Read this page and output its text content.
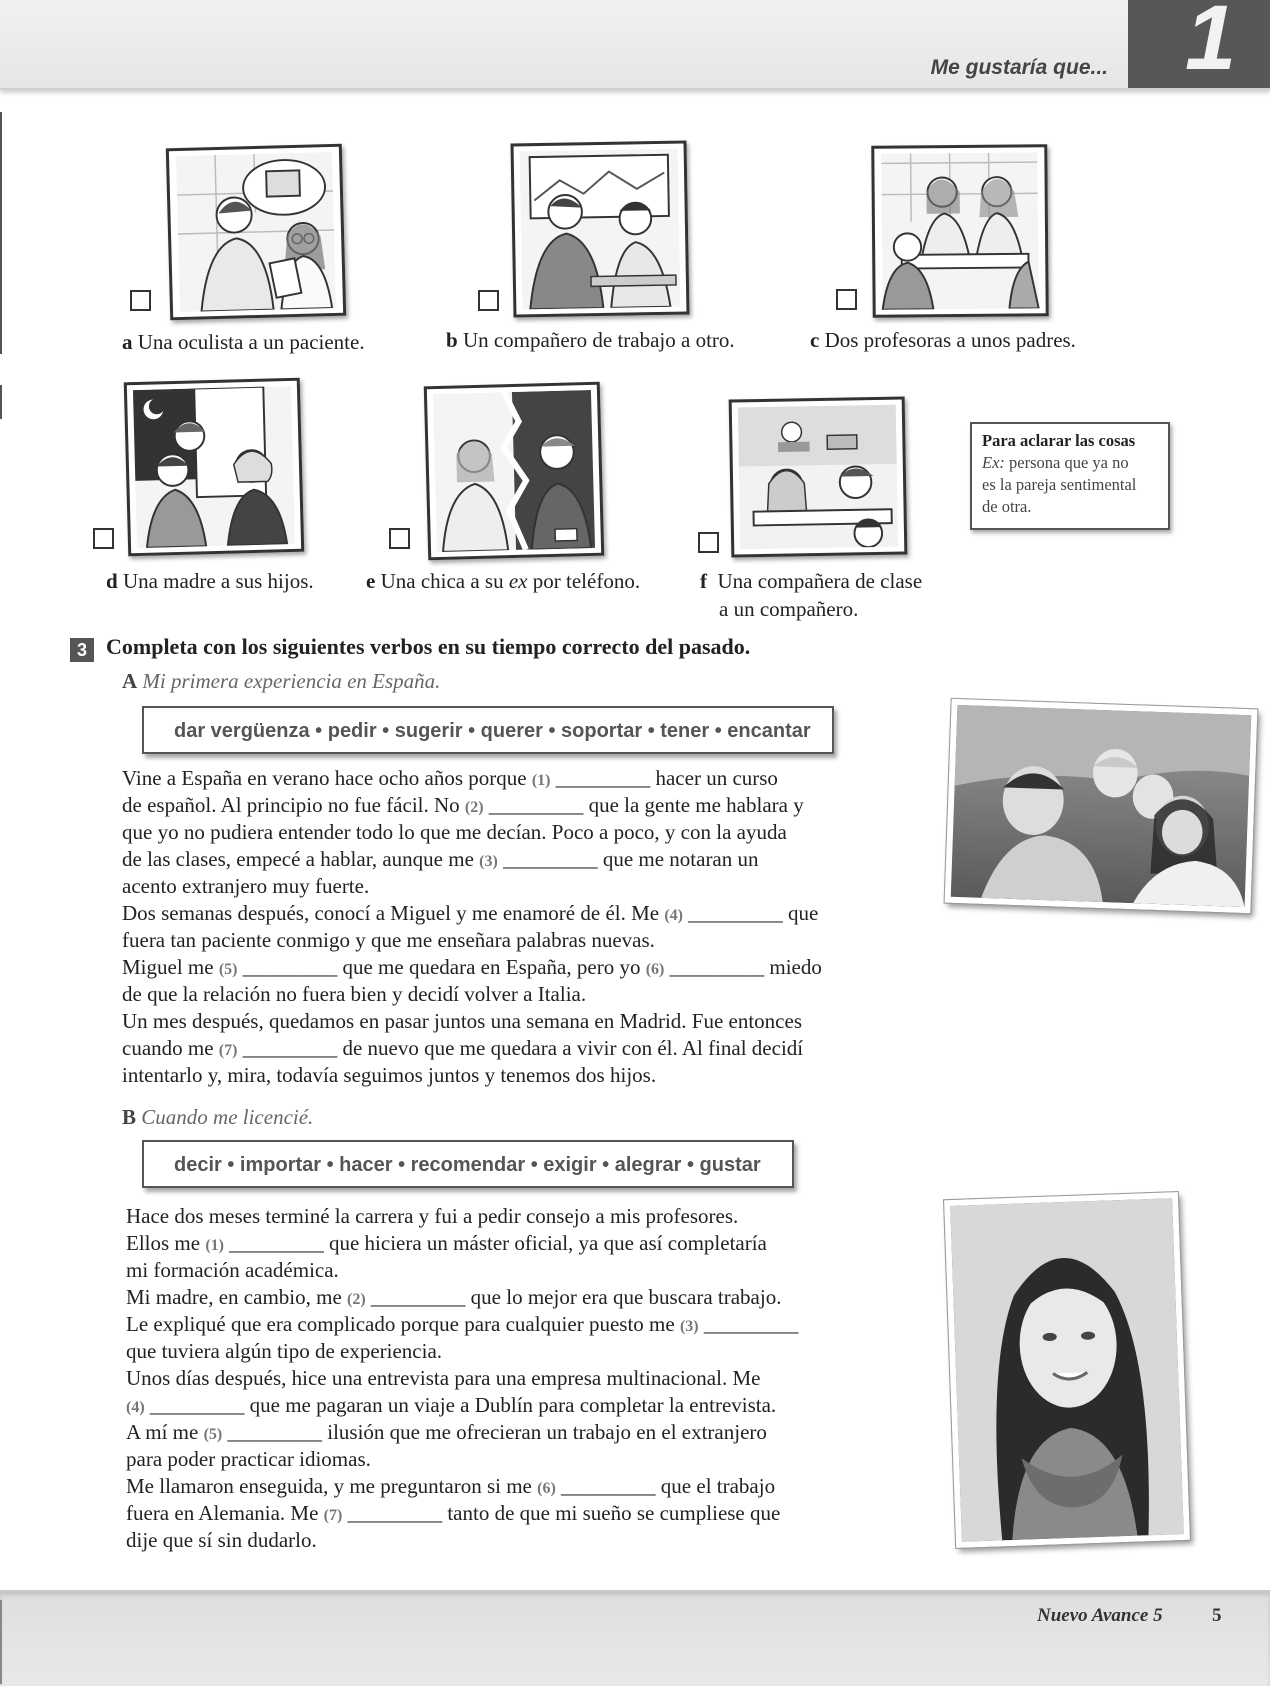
Me gustaría que... 1
a Una oculista a un paciente.	b Un compañero de trabajo a otro.	c Dos profesoras a unos padres.
d Una madre a sus hijos. e Una chica a su ex por teléfono.	f Una compañera de clase
a un compañero.
Para aclarar las cosas
Ex: persona que ya no
es la pareja sentimental
de otra.
3 Completa con los siguientes verbos en su tiempo correcto del pasado.
A Mi primera experiencia en España.
dar vergüenza • pedir • sugerir • querer • soportar • tener • encantar
Vine a España en verano hace ocho años porque (1) _________ hacer un curso
de español. Al principio no fue fácil. No (2) _________ que la gente me hablara y
que yo no pudiera entender todo lo que me decían. Poco a poco, y con la ayuda
de las clases, empecé a hablar, aunque me (3) _________ que me notaran un
acento extranjero muy fuerte.
Dos semanas después, conocí a Miguel y me enamoré de él. Me (4) _________ que
fuera tan paciente conmigo y que me enseñara palabras nuevas.
Miguel me (5) _________ que me quedara en España, pero yo (6) _________ miedo
de que la relación no fuera bien y decidí volver a Italia.
Un mes después, quedamos en pasar juntos una semana en Madrid. Fue entonces
cuando me (7) _________ de nuevo que me quedara a vivir con él. Al final decidí
intentarlo y, mira, todavía seguimos juntos y tenemos dos hijos.
B Cuando me licencié.
decir • importar • hacer • recomendar • exigir • alegrar • gustar
Hace dos meses terminé la carrera y fui a pedir consejo a mis profesores.
Ellos me (1) _________ que hiciera un máster oficial, ya que así completaría
mi formación académica.
Mi madre, en cambio, me (2) _________ que lo mejor era que buscara trabajo.
Le expliqué que era complicado porque para cualquier puesto me (3) _________
que tuviera algún tipo de experiencia.
Unos días después, hice una entrevista para una empresa multinacional. Me
(4) _________ que me pagaran un viaje a Dublín para completar la entrevista.
A mí me (5) _________ ilusión que me ofrecieran un trabajo en el extranjero
para poder practicar idiomas.
Me llamaron enseguida, y me preguntaron si me (6) _________ que el trabajo
fuera en Alemania. Me (7) _________ tanto de que mi sueño se cumpliese que
dije que sí sin dudarlo.
Nuevo Avance 5	5
